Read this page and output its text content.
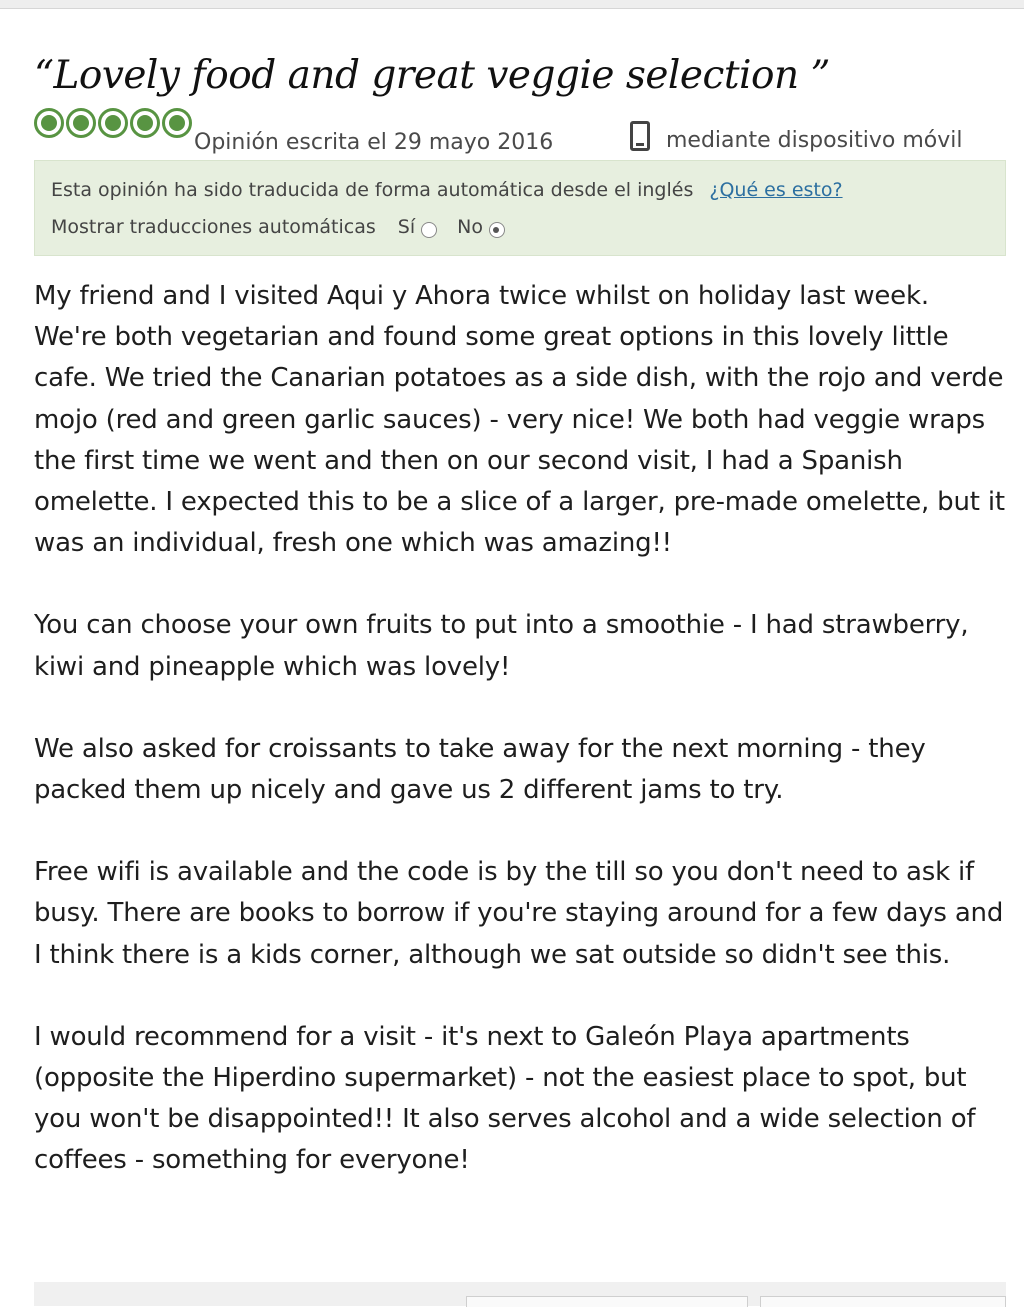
“Lovely food and great veggie selection ”
Opinión escrita el 29 mayo 2016	mediante dispositivo móvil
Esta opinión ha sido traducida de forma automática desde el inglés ¿Qué es esto?
Mostrar traducciones automáticas Sí No

My friend and I visited Aqui y Ahora twice whilst on holiday last week. We're both vegetarian and found some great options in this lovely little cafe. We tried the Canarian potatoes as a side dish, with the rojo and verde mojo (red and green garlic sauces) - very nice! We both had veggie wraps the first time we went and then on our second visit, I had a Spanish omelette. I expected this to be a slice of a larger, pre-made omelette, but it was an individual, fresh one which was amazing!!

You can choose your own fruits to put into a smoothie - I had strawberry, kiwi and pineapple which was lovely!

We also asked for croissants to take away for the next morning - they packed them up nicely and gave us 2 different jams to try.

Free wifi is available and the code is by the till so you don't need to ask if busy. There are books to borrow if you're staying around for a few days and I think there is a kids corner, although we sat outside so didn't see this.

I would recommend for a visit - it's next to Galeón Playa apartments (opposite the Hiperdino supermarket) - not the easiest place to spot, but you won't be disappointed!! It also serves alcohol and a wide selection of coffees - something for everyone!
